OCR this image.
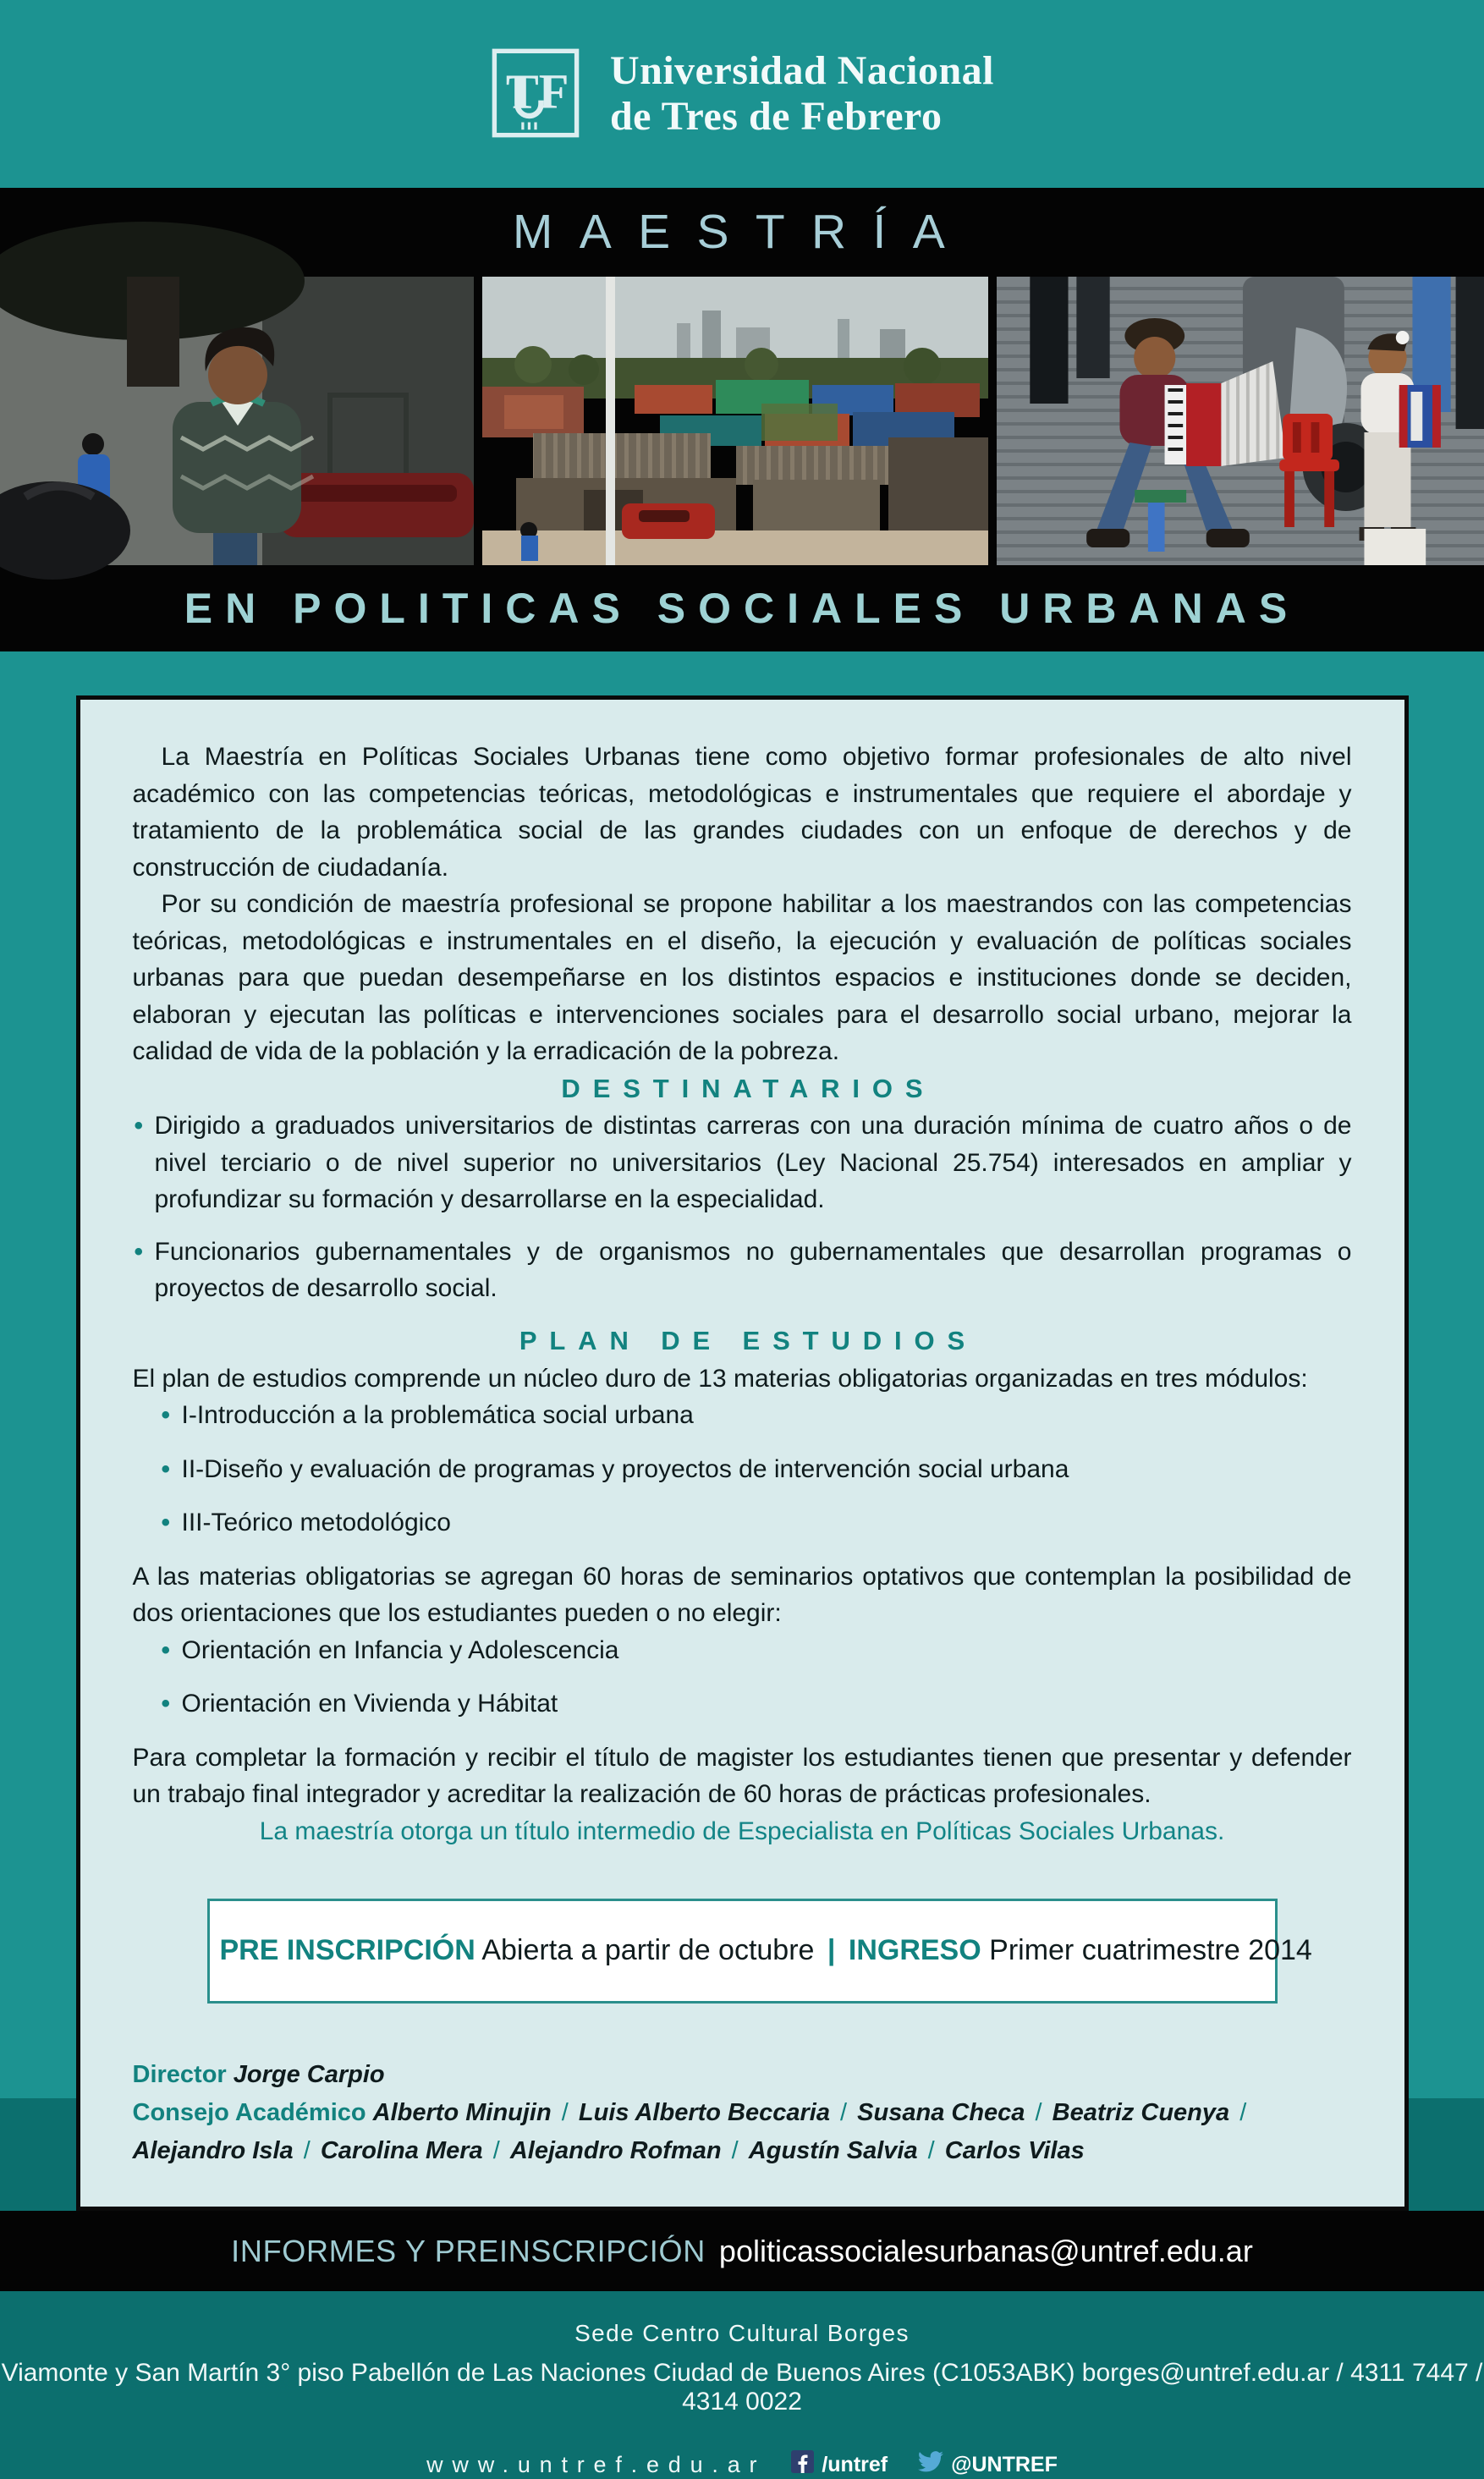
TF Universidad Nacional
de Tres de Febrero
MAESTRÍA
EN POLITICAS SOCIALES URBANAS

La Maestría en Políticas Sociales Urbanas tiene como objetivo formar profesionales de alto nivel académico con las competencias teóricas, metodológicas e instrumentales que requiere el abordaje y tratamiento de la problemática social de las grandes ciudades con un enfoque de derechos y de construcción de ciudadanía.

Por su condición de maestría profesional se propone habilitar a los maestrandos con las competencias teóricas, metodológicas e instrumentales en el diseño, la ejecución y evaluación de políticas sociales urbanas para que puedan desempeñarse en los distintos espacios e instituciones donde se deciden, elaboran y ejecutan las políticas e intervenciones sociales para el desarrollo social urbano, mejorar la calidad de vida de la población y la erradicación de la pobreza.

DESTINATARIOS

• Dirigido a graduados universitarios de distintas carreras con una duración mínima de cuatro años o de nivel terciario o de nivel superior no universitarios (Ley Nacional 25.754) interesados en ampliar y profundizar su formación y desarrollarse en la especialidad.
• Funcionarios gubernamentales y de organismos no gubernamentales que desarrollan programas o proyectos de desarrollo social.

PLAN DE ESTUDIOS

El plan de estudios comprende un núcleo duro de 13 materias obligatorias organizadas en tres módulos:

• I-Introducción a la problemática social urbana
• II-Diseño y evaluación de programas y proyectos de intervención social urbana
• III-Teórico metodológico

A las materias obligatorias se agregan 60 horas de seminarios optativos que contemplan la posibilidad de dos orientaciones que los estudiantes pueden o no elegir:

• Orientación en Infancia y Adolescencia
• Orientación en Vivienda y Hábitat

Para completar la formación y recibir el título de magister los estudiantes tienen que presentar y defender un trabajo final integrador y acreditar la realización de 60 horas de prácticas profesionales.

La maestría otorga un título intermedio de Especialista en Políticas Sociales Urbanas.

PRE INSCRIPCIÓN Abierta a partir de octubre | INGRESO Primer cuatrimestre 2014

Director Jorge Carpio

Consejo Académico Alberto Minujin / Luis Alberto Beccaria / Susana Checa / Beatriz Cuenya / Alejandro Isla / Carolina Mera / Alejandro Rofman / Agustín Salvia / Carlos Vilas

INFORMES Y PREINSCRIPCIÓN politicassocialesurbanas@untref.edu.ar

Sede Centro Cultural Borges

Viamonte y San Martín 3° piso Pabellón de Las Naciones Ciudad de Buenos Aires (C1053ABK) borges@untref.edu.ar / 4311 7447 / 4314 0022

www.untref.edu.ar	/untref	@UNTREF
